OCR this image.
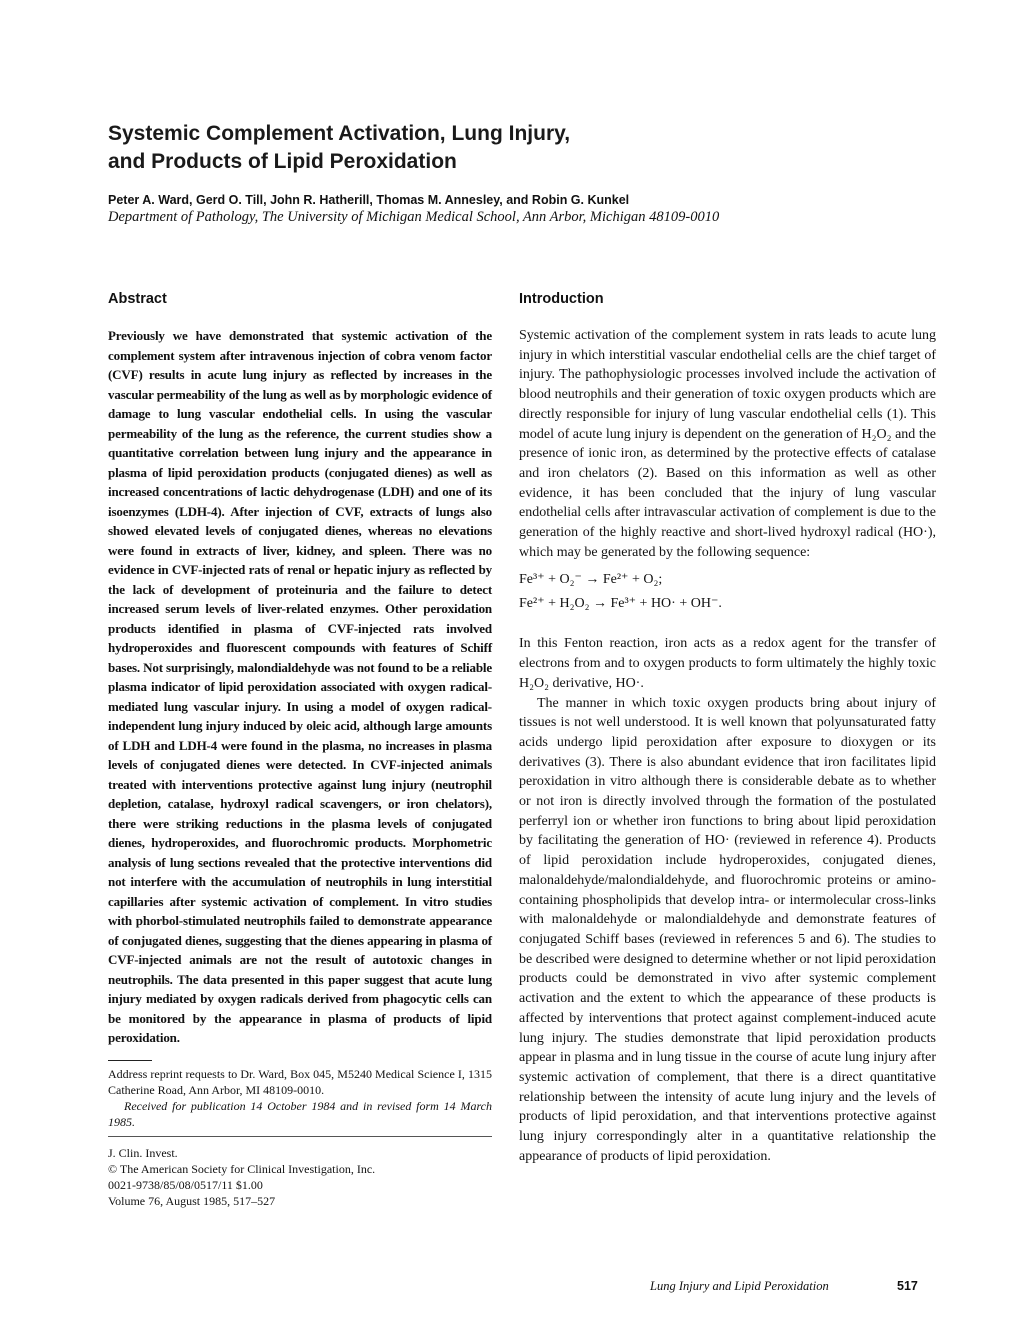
Systemic Complement Activation, Lung Injury,
and Products of Lipid Peroxidation
Peter A. Ward, Gerd O. Till, John R. Hatherill, Thomas M. Annesley, and Robin G. Kunkel
Department of Pathology, The University of Michigan Medical School, Ann Arbor, Michigan 48109-0010
Abstract

Previously we have demonstrated that systemic activation of the complement system after intravenous injection of cobra venom factor (CVF) results in acute lung injury as reflected by increases in the vascular permeability of the lung as well as by morphologic evidence of damage to lung vascular endothelial cells. In using the vascular permeability of the lung as the reference, the current studies show a quantitative correlation between lung injury and the appearance in plasma of lipid peroxidation products (conjugated dienes) as well as increased concentrations of lactic dehydrogenase (LDH) and one of its isoenzymes (LDH-4). After injection of CVF, extracts of lungs also showed elevated levels of conjugated dienes, whereas no elevations were found in extracts of liver, kidney, and spleen. There was no evidence in CVF-injected rats of renal or hepatic injury as reflected by the lack of development of proteinuria and the failure to detect increased serum levels of liver-related enzymes. Other peroxidation products identified in plasma of CVF-injected rats involved hydroperoxides and fluorescent compounds with features of Schiff bases. Not surprisingly, malondialdehyde was not found to be a reliable plasma indicator of lipid peroxidation associated with oxygen radical-mediated lung vascular injury. In using a model of oxygen radical-independent lung injury induced by oleic acid, although large amounts of LDH and LDH-4 were found in the plasma, no increases in plasma levels of conjugated dienes were detected. In CVF-injected animals treated with interventions protective against lung injury (neutrophil depletion, catalase, hydroxyl radical scavengers, or iron chelators), there were striking reductions in the plasma levels of conjugated dienes, hydroperoxides, and fluorochromic products. Morphometric analysis of lung sections revealed that the protective interventions did not interfere with the accumulation of neutrophils in lung interstitial capillaries after systemic activation of complement. In vitro studies with phorbol-stimulated neutrophils failed to demonstrate appearance of conjugated dienes, suggesting that the dienes appearing in plasma of CVF-injected animals are not the result of autotoxic changes in neutrophils. The data presented in this paper suggest that acute lung injury mediated by oxygen radicals derived from phagocytic cells can be monitored by the appearance in plasma of products of lipid peroxidation.

Address reprint requests to Dr. Ward, Box 045, M5240 Medical Science I, 1315 Catherine Road, Ann Arbor, MI 48109-0010.

Received for publication 14 October 1984 and in revised form 14 March 1985.

J. Clin. Invest.
© The American Society for Clinical Investigation, Inc.
0021-9738/85/08/0517/11 $1.00
Volume 76, August 1985, 517–527
Introduction

Systemic activation of the complement system in rats leads to acute lung injury in which interstitial vascular endothelial cells are the chief target of injury. The pathophysiologic processes involved include the activation of blood neutrophils and their generation of toxic oxygen products which are directly responsible for injury of lung vascular endothelial cells (1). This model of acute lung injury is dependent on the generation of H₂O₂ and the presence of ionic iron, as determined by the protective effects of catalase and iron chelators (2). Based on this information as well as other evidence, it has been concluded that the injury of lung vascular endothelial cells after intravascular activation of complement is due to the generation of the highly reactive and short-lived hydroxyl radical (HO·), which may be generated by the following sequence:

Fe³⁺ + O₂⁻ → Fe²⁺ + O₂;
Fe²⁺ + H₂O₂ → Fe³⁺ + HO· + OH⁻.

In this Fenton reaction, iron acts as a redox agent for the transfer of electrons from and to oxygen products to form ultimately the highly toxic H₂O₂ derivative, HO·.

The manner in which toxic oxygen products bring about injury of tissues is not well understood. It is well known that polyunsaturated fatty acids undergo lipid peroxidation after exposure to dioxygen or its derivatives (3). There is also abundant evidence that iron facilitates lipid peroxidation in vitro although there is considerable debate as to whether or not iron is directly involved through the formation of the postulated perferryl ion or whether iron functions to bring about lipid peroxidation by facilitating the generation of HO· (reviewed in reference 4). Products of lipid peroxidation include hydroperoxides, conjugated dienes, malonaldehyde/malondialdehyde, and fluorochromic proteins or amino-containing phospholipids that develop intra- or intermolecular cross-links with malonaldehyde or malondialdehyde and demonstrate features of conjugated Schiff bases (reviewed in references 5 and 6). The studies to be described were designed to determine whether or not lipid peroxidation products could be demonstrated in vivo after systemic complement activation and the extent to which the appearance of these products is affected by interventions that protect against complement-induced acute lung injury. The studies demonstrate that lipid peroxidation products appear in plasma and in lung tissue in the course of acute lung injury after systemic activation of complement, that there is a direct quantitative relationship between the intensity of acute lung injury and the levels of products of lipid peroxidation, and that interventions protective against lung injury correspondingly alter in a quantitative relationship the appearance of products of lipid peroxidation.

Lung Injury and Lipid Peroxidation	517
